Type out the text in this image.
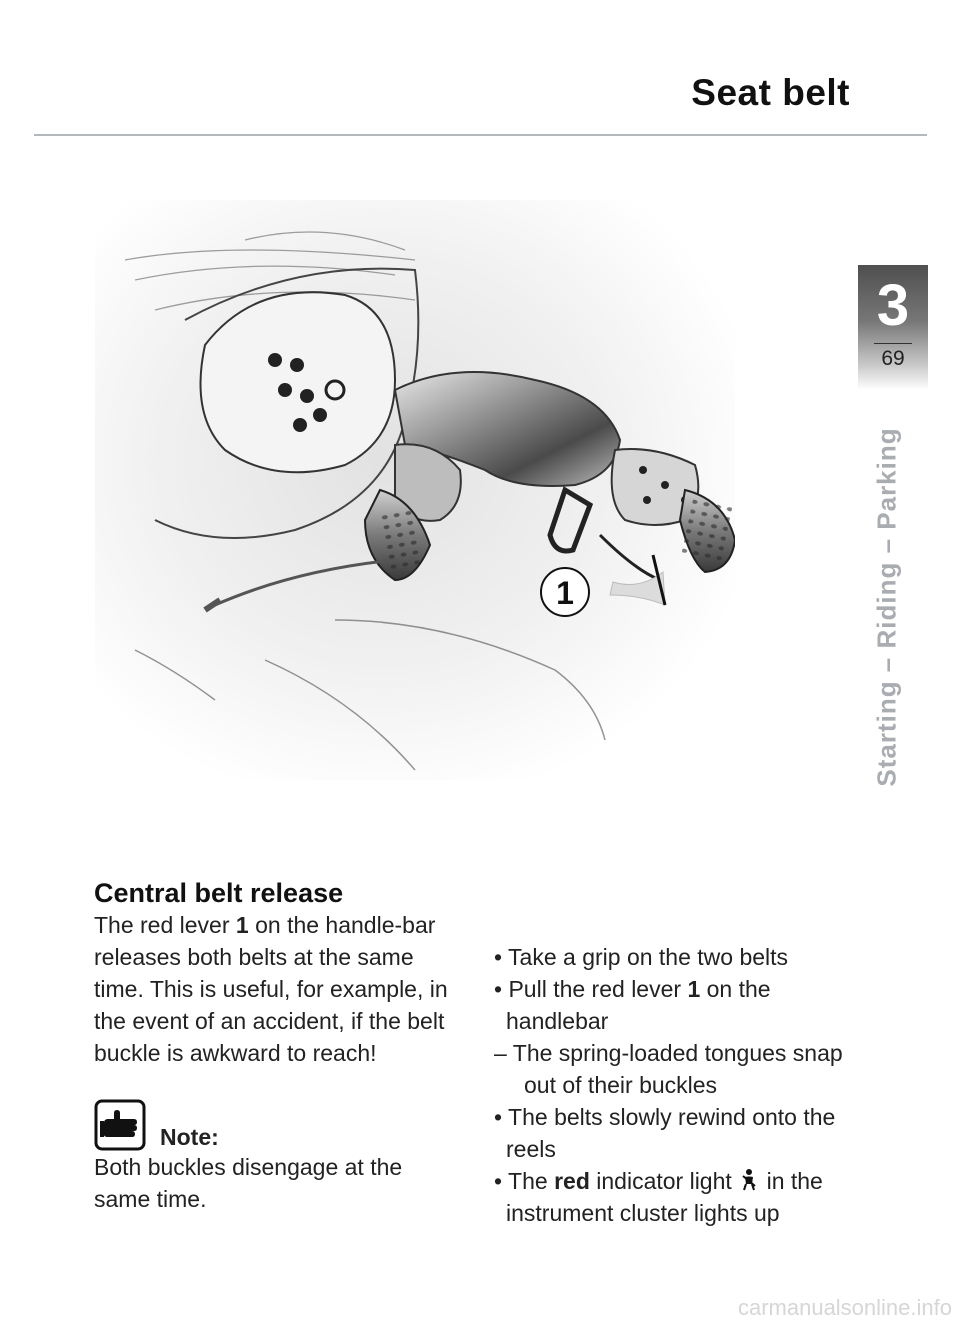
Seat belt
3
69
Starting – Riding – Parking
1
Central belt release

The red lever 1 on the handle-bar releases both belts at the same time. This is useful, for example, in the event of an accident, if the belt buckle is awkward to reach!

Note:

Both buckles disengage at the same time.

• Take a grip on the two belts
• Pull the red lever 1 on the handlebar
– The spring-loaded tongues snap out of their buckles
• The belts slowly rewind onto the reels
• The red indicator light  in the instrument cluster lights up
carmanualsonline.info
